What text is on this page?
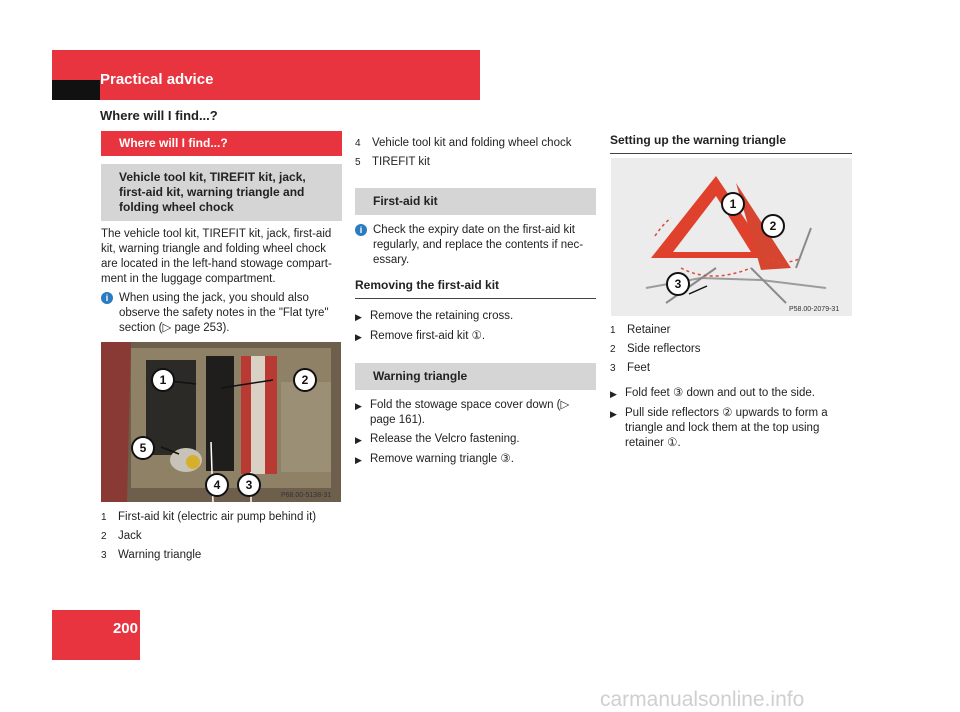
Practical advice
Where will I find...?
Where will I find...?
Vehicle tool kit, TIREFIT kit, jack, first-aid kit, warning triangle and folding wheel chock

The vehicle tool kit, TIREFIT kit, jack, first-aid kit, warning triangle and folding wheel chock are located in the left-hand stowage compart-ment in the luggage compartment.

i When using the jack, you should also observe the safety notes in the "Flat tyre" section (▷ page 253).
1	2
3
4
5
P68.00-5138-31
1 First-aid kit (electric air pump behind it)
2 Jack
3 Warning triangle
4 Vehicle tool kit and folding wheel chock
5 TIREFIT kit
First-aid kit
i Check the expiry date on the first-aid kit regularly, and replace the contents if nec-essary.
Removing the first-aid kit
▶ Remove the retaining cross.
▶ Remove first-aid kit ①.
Warning triangle
▶ Fold the stowage space cover down (▷ page 161).
▶ Release the Velcro fastening.
▶ Remove warning triangle ③.
Setting up the warning triangle
1
2
3
P58.00-2079-31
1 Retainer
2 Side reflectors
3 Feet
▶ Fold feet ③ down and out to the side.
▶ Pull side reflectors ② upwards to form a triangle and lock them at the top using retainer ①.
200
carmanualsonline.info
